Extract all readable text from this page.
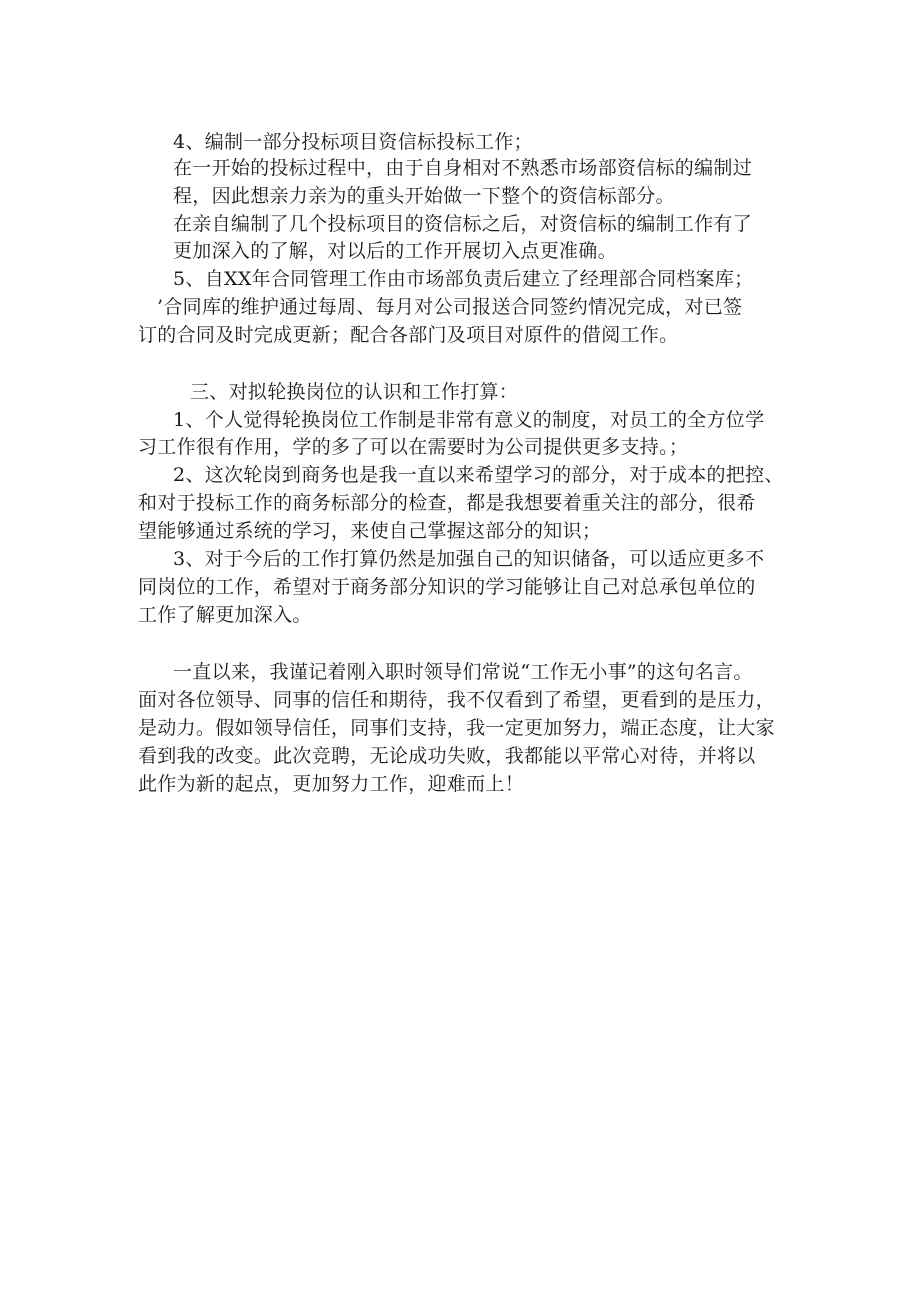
4、编制一部分投标项目资信标投标工作；
在一开始的投标过程中，由于自身相对不熟悉市场部资信标的编制过
程，因此想亲力亲为的重头开始做一下整个的资信标部分。
在亲自编制了几个投标项目的资信标之后，对资信标的编制工作有了
更加深入的了解，对以后的工作开展切入点更准确。
5、自XX年合同管理工作由市场部负责后建立了经理部合同档案库；
’合同库的维护通过每周、每月对公司报送合同签约情况完成，对已签
订的合同及时完成更新；配合各部门及项目对原件的借阅工作。
三、对拟轮换岗位的认识和工作打算：
1、个人觉得轮换岗位工作制是非常有意义的制度，对员工的全方位学
习工作很有作用，学的多了可以在需要时为公司提供更多支持。；
2、这次轮岗到商务也是我一直以来希望学习的部分，对于成本的把控、
和对于投标工作的商务标部分的检查，都是我想要着重关注的部分，很希
望能够通过系统的学习，来使自己掌握这部分的知识；
3、对于今后的工作打算仍然是加强自己的知识储备，可以适应更多不
同岗位的工作，希望对于商务部分知识的学习能够让自己对总承包单位的
工作了解更加深入。
一直以来，我谨记着刚入职时领导们常说“工作无小事”的这句名言。
面对各位领导、同事的信任和期待，我不仅看到了希望，更看到的是压力，
是动力。假如领导信任，同事们支持，我一定更加努力，端正态度，让大家
看到我的改变。此次竞聘，无论成功失败，我都能以平常心对待，并将以
此作为新的起点，更加努力工作，迎难而上！
